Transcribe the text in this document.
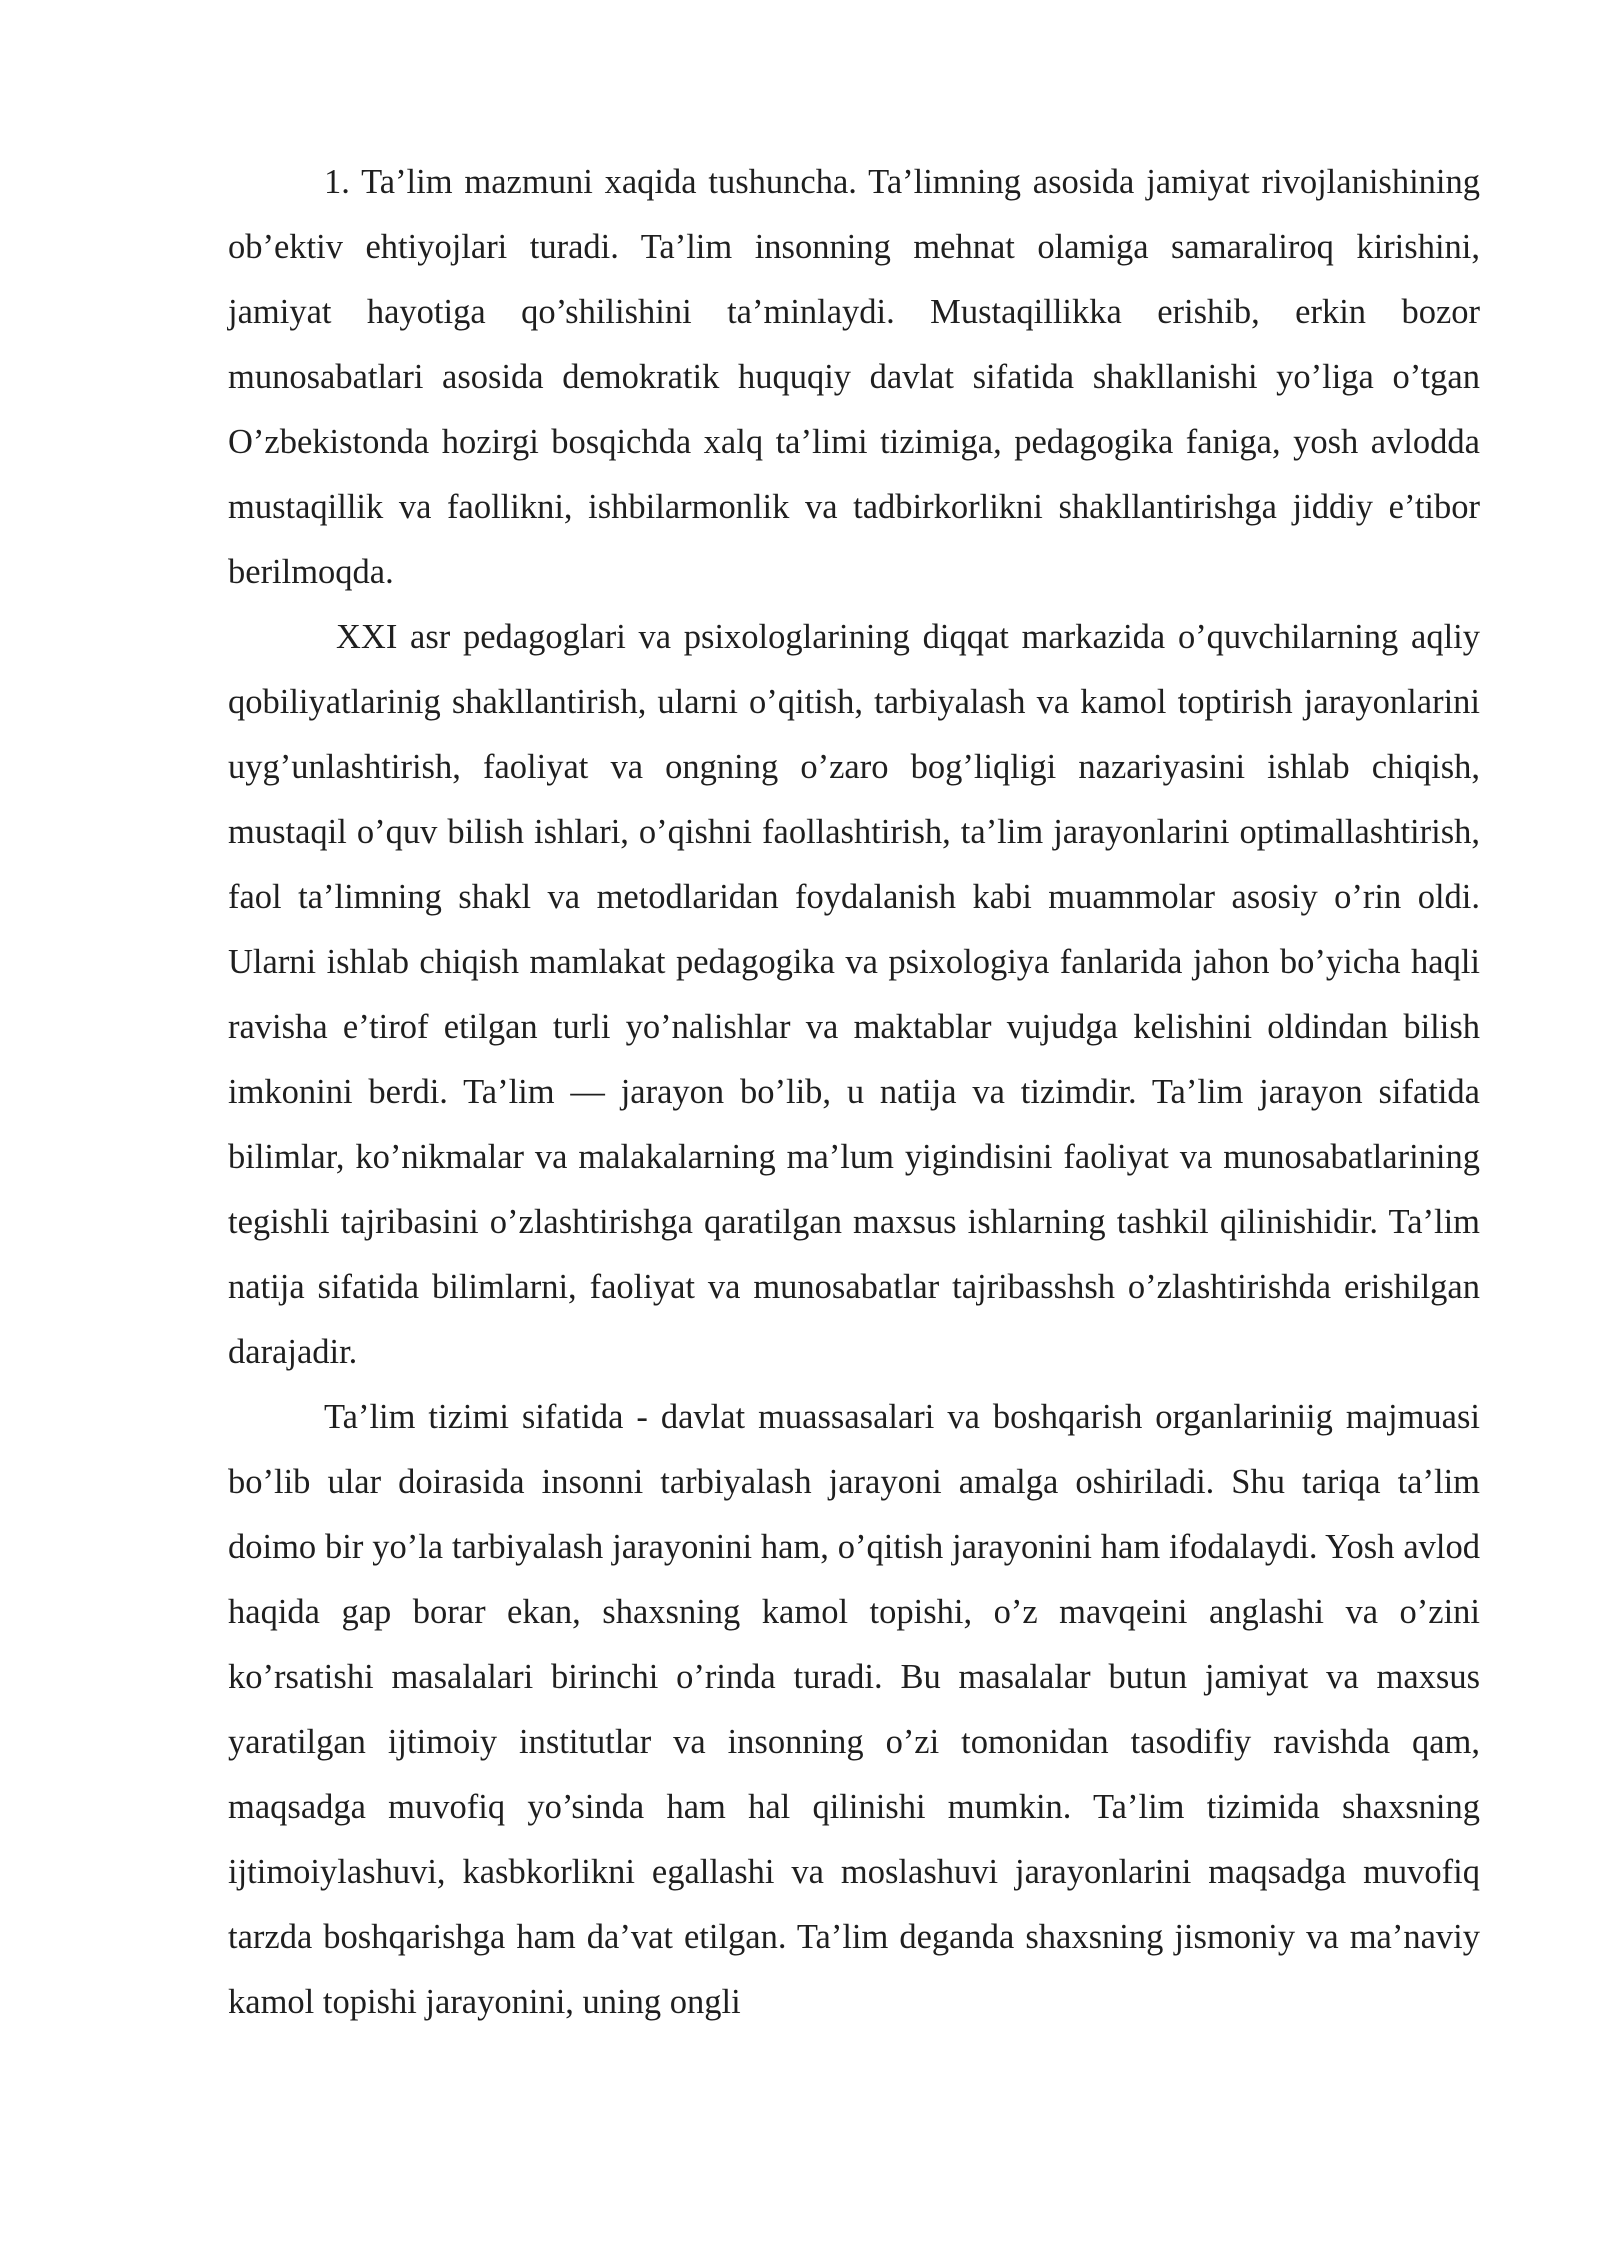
1. Ta’lim mazmuni xaqida tushuncha. Ta’limning asosida jamiyat rivojlanishining ob’ektiv ehtiyojlari turadi. Ta’lim insonning mehnat olamiga samaraliroq kirishini, jamiyat hayotiga qo’shilishini ta’minlaydi. Mustaqillikka erishib, erkin bozor munosabatlari asosida demokratik huquqiy davlat sifatida shakllanishi yo’liga o’tgan O’zbekistonda hozirgi bosqichda xalq ta’limi tizimiga, pedagogika faniga, yosh avlodda mustaqillik va faollikni, ishbilarmonlik va tadbirkorlikni shakllantirishga jiddiy e’tibor berilmoqda.

XXI asr pedagoglari va psixologlarining diqqat markazida o’quvchilarning aqliy qobiliyatlarinig shakllantirish, ularni o’qitish, tarbiyalash va kamol toptirish jarayonlarini uyg’unlashtirish, faoliyat va ongning o’zaro bog’liqligi nazariyasini ishlab chiqish, mustaqil o’quv bilish ishlari, o’qishni faollashtirish, ta’lim jarayonlarini optimallashtirish, faol ta’limning shakl va metodlaridan foydalanish kabi muammolar asosiy o’rin oldi. Ularni ishlab chiqish mamlakat pedagogika va psixologiya fanlarida jahon bo’yicha haqli ravisha e’tirof etilgan turli yo’nalishlar va maktablar vujudga kelishini oldindan bilish imkonini berdi. Ta’lim — jarayon bo’lib, u natija va tizimdir. Ta’lim jarayon sifatida bilimlar, ko’nikmalar va malakalarning ma’lum yigindisini faoliyat va munosabatlarining tegishli tajribasini o’zlashtirishga qaratilgan maxsus ishlarning tashkil qilinishidir. Ta’lim natija sifatida bilimlarni, faoliyat va munosabatlar tajribasshsh o’zlashtirishda erishilgan darajadir.

Ta’lim tizimi sifatida - davlat muassasalari va boshqarish organlariniig majmuasi bo’lib ular doirasida insonni tarbiyalash jarayoni amalga oshiriladi. Shu tariqa ta’lim doimo bir yo’la tarbiyalash jarayonini ham, o’qitish jarayonini ham ifodalaydi. Yosh avlod haqida gap borar ekan, shaxsning kamol topishi, o’z mavqeini anglashi va o’zini ko’rsatishi masalalari birinchi o’rinda turadi. Bu masalalar butun jamiyat va maxsus yaratilgan ijtimoiy institutlar va insonning o’zi tomonidan tasodifiy ravishda qam, maqsadga muvofiq yo’sinda ham hal qilinishi mumkin. Ta’lim tizimida shaxsning ijtimoiylashuvi, kasbkorlikni egallashi va moslashuvi jarayonlarini maqsadga muvofiq tarzda boshqarishga ham da’vat etilgan. Ta’lim deganda shaxsning jismoniy va ma’naviy kamol topishi jarayonini, uning ongli
